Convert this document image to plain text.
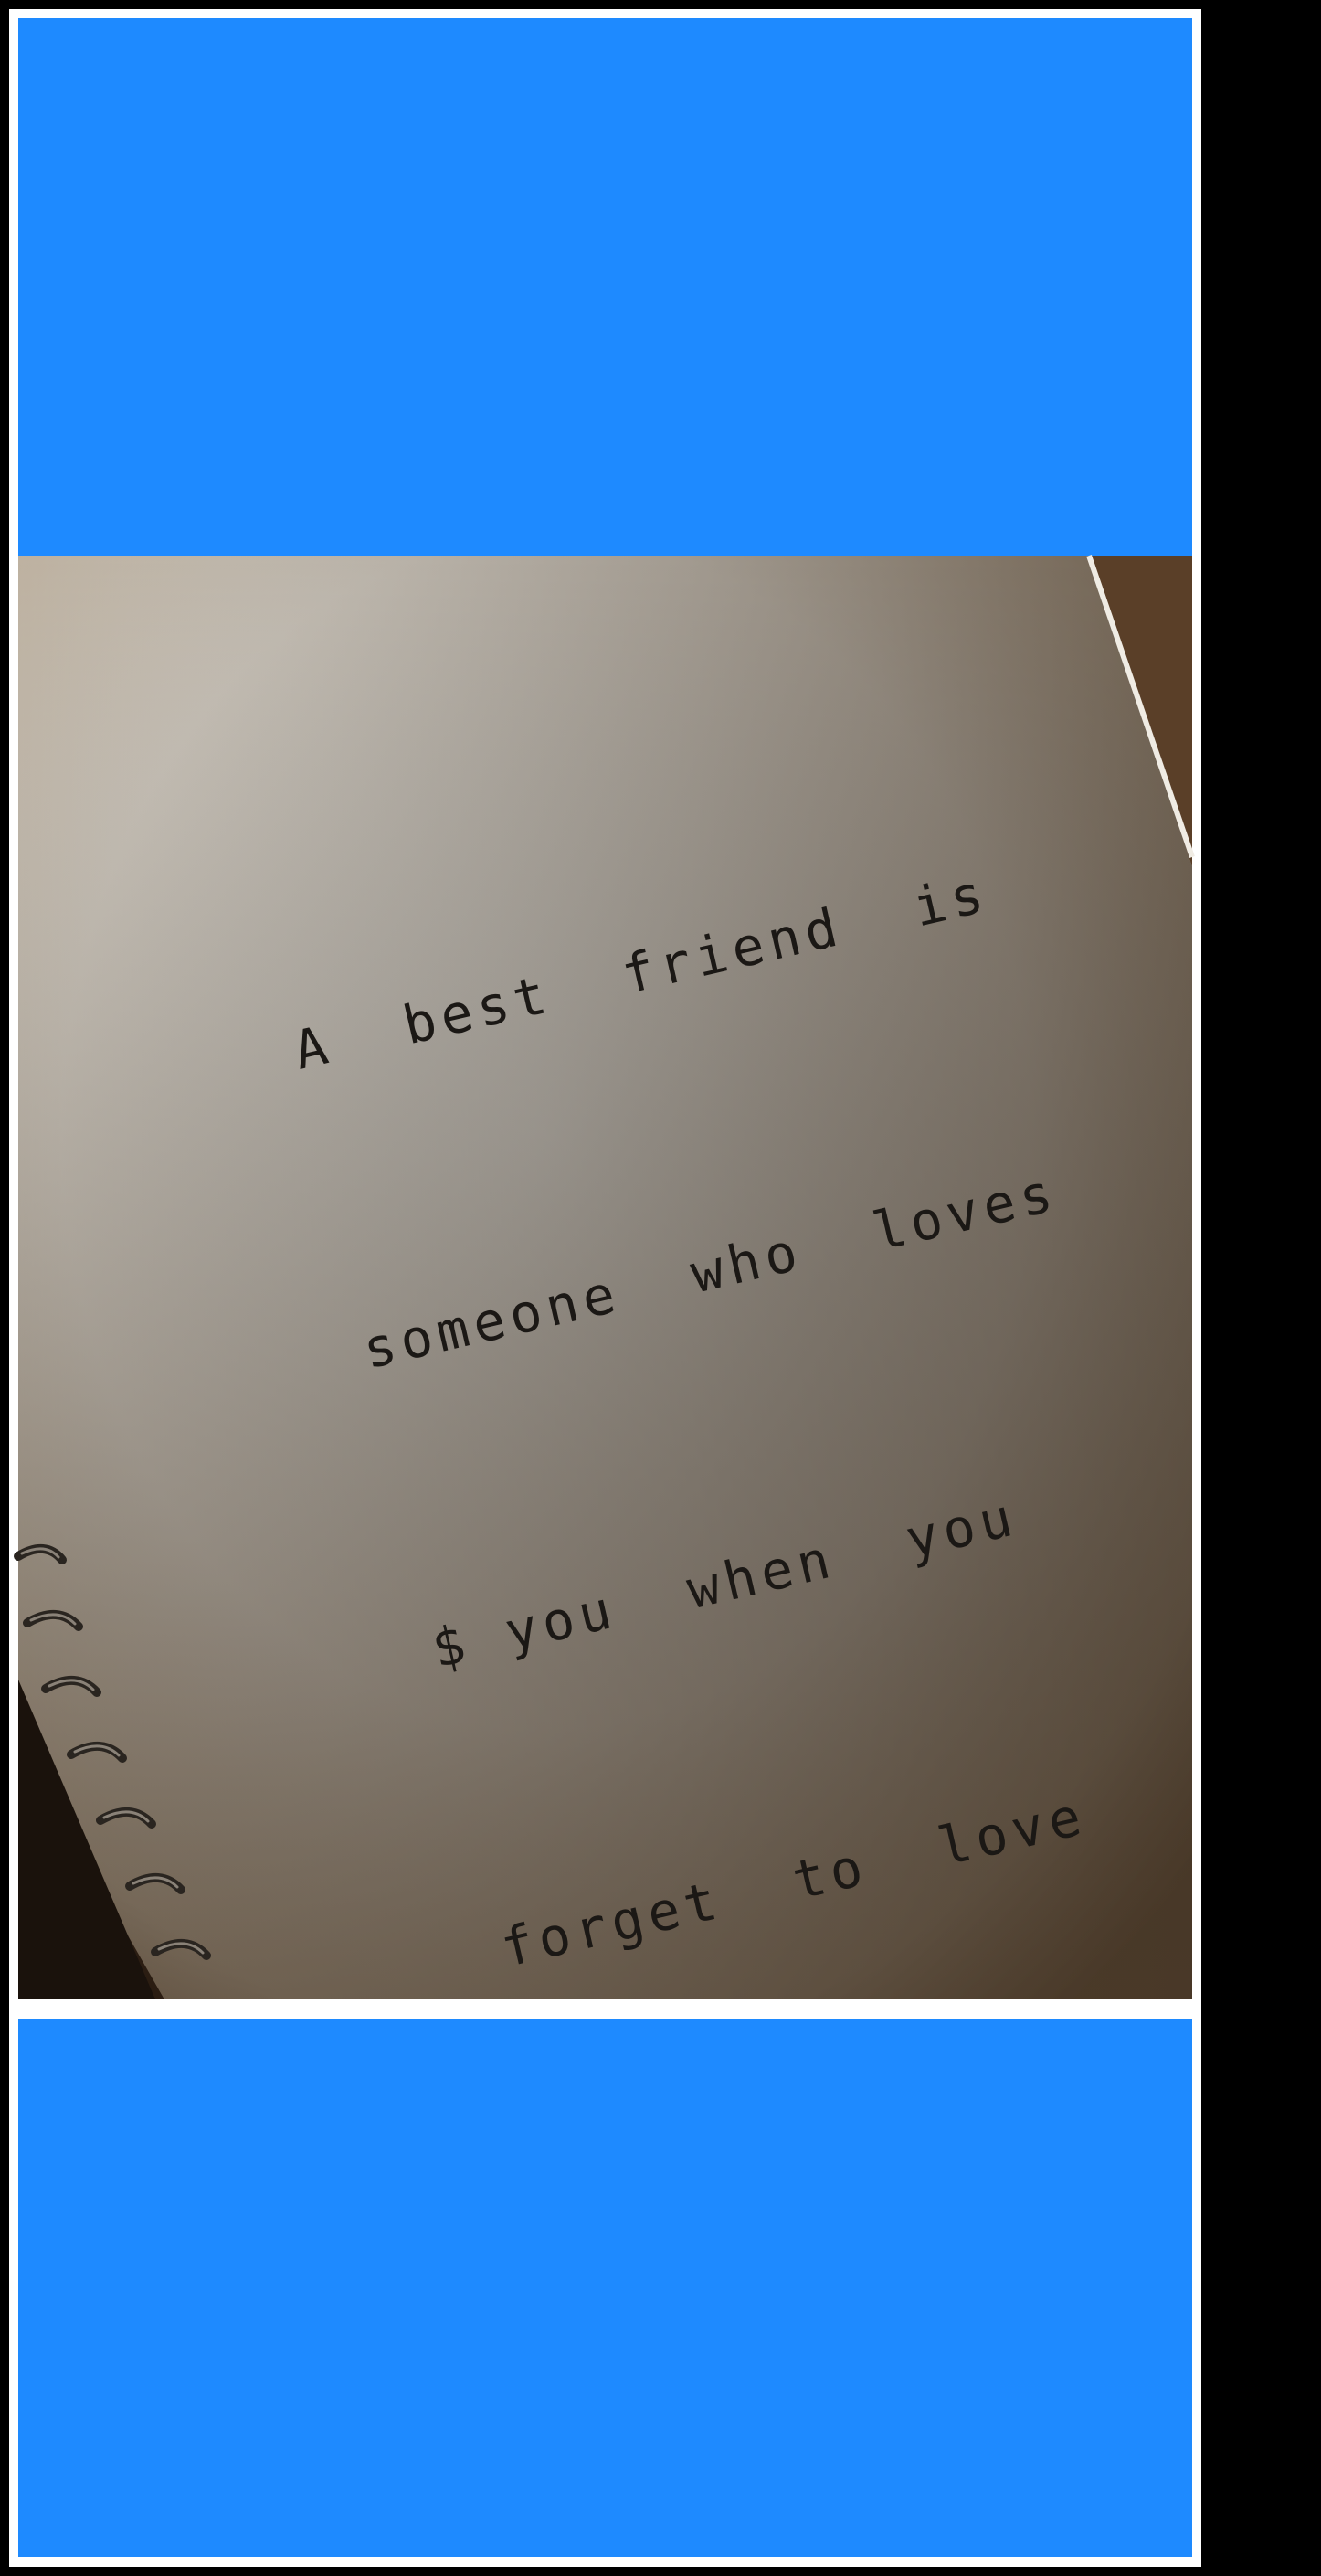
A  best  friend  is

someone  who  loves

$ you  when  you

forget  to  love
